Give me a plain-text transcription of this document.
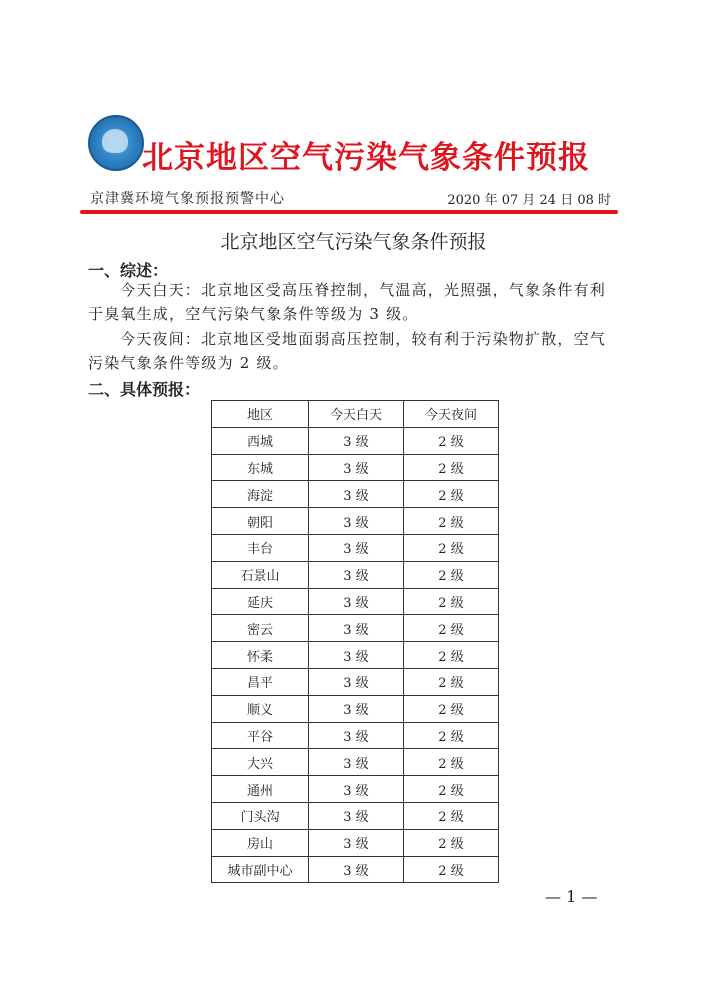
北京地区空气污染气象条件预报
京津冀环境气象预报预警中心	2020 年 07 月 24 日 08 时
北京地区空气污染气象条件预报
一、综述：

今天白天：北京地区受高压脊控制，气温高，光照强，气象条件有利于臭氧生成，空气污染气象条件等级为 3 级。

今天夜间：北京地区受地面弱高压控制，较有利于污染物扩散，空气污染气象条件等级为 2 级。

二、具体预报：
地区	今天白天	今天夜间
西城	3 级	2 级
东城	3 级	2 级
海淀	3 级	2 级
朝阳	3 级	2 级
丰台	3 级	2 级
石景山	3 级	2 级
延庆	3 级	2 级
密云	3 级	2 级
怀柔	3 级	2 级
昌平	3 级	2 级
顺义	3 级	2 级
平谷	3 级	2 级
大兴	3 级	2 级
通州	3 级	2 级
门头沟	3 级	2 级
房山	3 级	2 级
城市副中心	3 级	2 级
— 1 —
